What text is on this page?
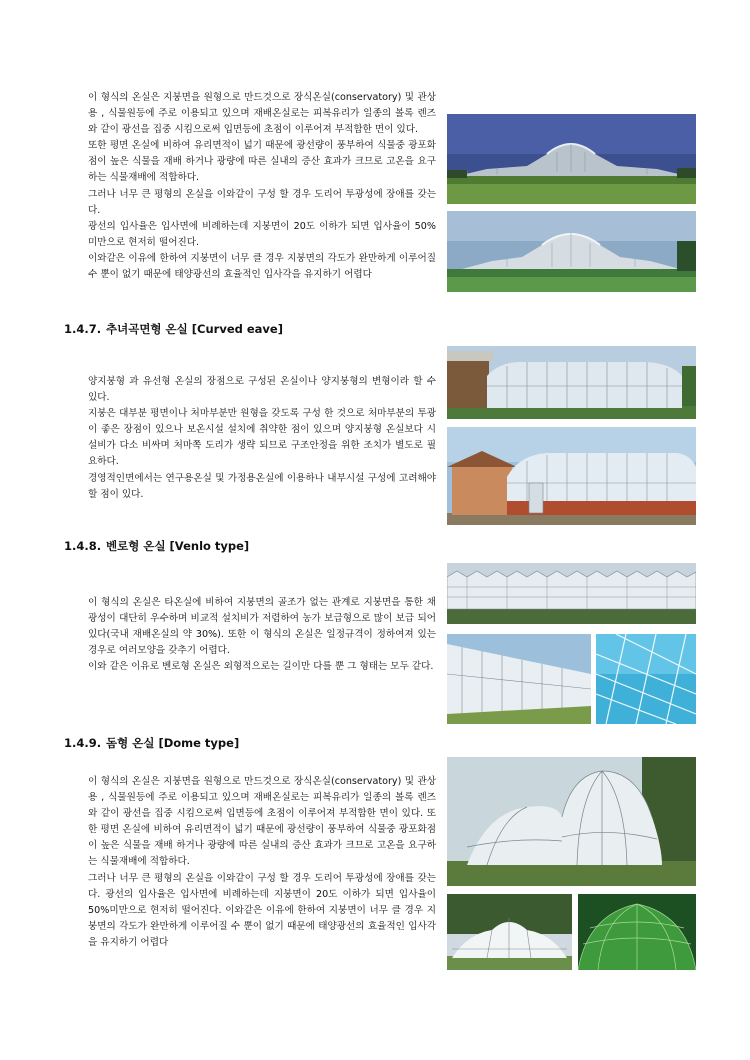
이 형식의 온실은 지붕면을 원형으로 만드것으로 장식온실(conservatory) 및 관상용 , 식물원등에 주로 이용되고 있으며 재배온실로는 피복유리가 일종의 볼록 렌즈와 같이 광선을 집중 시킴으로써 입면등에 초점이 이루어져 부적합한 면이 있다.

또한 평면 온실에 비하여 유리면적이 넓기 때문에 광선량이 풍부하여 식물중 광포화점이 높은 식물을 재배 하거나 광량에 따른 실내의 증산 효과가 크므로 고온을 요구하는 식물재배에 적합하다.

그러나 너무 큰 평형의 온실을 이와같이 구성 할 경우 도리어 투광성에 장애를 갖는다.

광선의 입사율은 입사면에 비례하는데 지붕면이 20도 이하가 되면 입사율이 50%미만으로 현저히 떨어진다.

이와같은 이유에 한하여 지붕면이 너무 클 경우 지붕면의 각도가 완만하게 이루어질 수 뿐이 없기 때문에 태양광선의 효율적인 입사각을 유지하기 어렵다

1.4.7. 추녀곡면형 온실 [Curved eave]

양지붕형 과 유선형 온실의 장점으로 구성된 온실이나 양지붕형의 변형이라 할 수 있다.

지붕은 대부분 평면이나 처마부분만 원형을 갖도록 구성 한 것으로 처마부분의 투광이 좋은 장점이 있으나 보온시설 설치에 취약한 점이 있으며 양지붕형 온실보다 시설비가 다소 비싸며 처마쪽 도리가 생략 되므로 구조안정을 위한 조치가 별도로 필요하다.

경영적인면에서는 연구용온실 및 가정용온실에 이용하나 내부시설 구성에 고려해야 할 점이 있다.

1.4.8. 벤로형 온실 [Venlo type]

이 형식의 온실은 타온실에 비하여 지붕면의 골조가 없는 관계로 지붕면을 통한 채광성이 대단히 우수하며 비교적 설치비가 저렴하여 농가 보급형으로 많이 보급 되어있다(국내 재배온실의 약 30%). 또한 이 형식의 온실은 일정규격이 정하여져 있는 경우로 여러모양을 갖추기 어렵다.

이와 같은 이유로 벤로형 온실은 외형적으로는 길이만 다를 뿐 그 형태는 모두 같다.

1.4.9. 돔형 온실 [Dome type]

이 형식의 온실은 지붕면을 원형으로 만드것으로 장식온실(conservatory) 및 관상용 , 식물원등에 주로 이용되고 있으며 재배온실로는 피복유리가 일종의 볼록 렌즈와 같이 광선을 집중 시킴으로써 입면등에 초점이 이루어져 부적합한 면이 있다. 또한 평면 온실에 비하여 유리면적이 넓기 때문에 광선량이 풍부하여 식물중 광포화점이 높은 식물을 재배 하거나 광량에 따른 실내의 증산 효과가 크므로 고온을 요구하는 식물재배에 적합하다.

그러나 너무 큰 평형의 온실을 이와같이 구성 할 경우 도리어 투광성에 장애를 갖는다. 광선의 입사율은 입사면에 비례하는데 지붕면이 20도 이하가 되면 입사율이 50%미만으로 현저히 떨어진다. 이와같은 이유에 한하여 지붕면이 너무 클 경우 지붕면의 각도가 완만하게 이루어질 수 뿐이 없기 때문에 태양광선의 효율적인 입사각을 유지하기 어렵다
